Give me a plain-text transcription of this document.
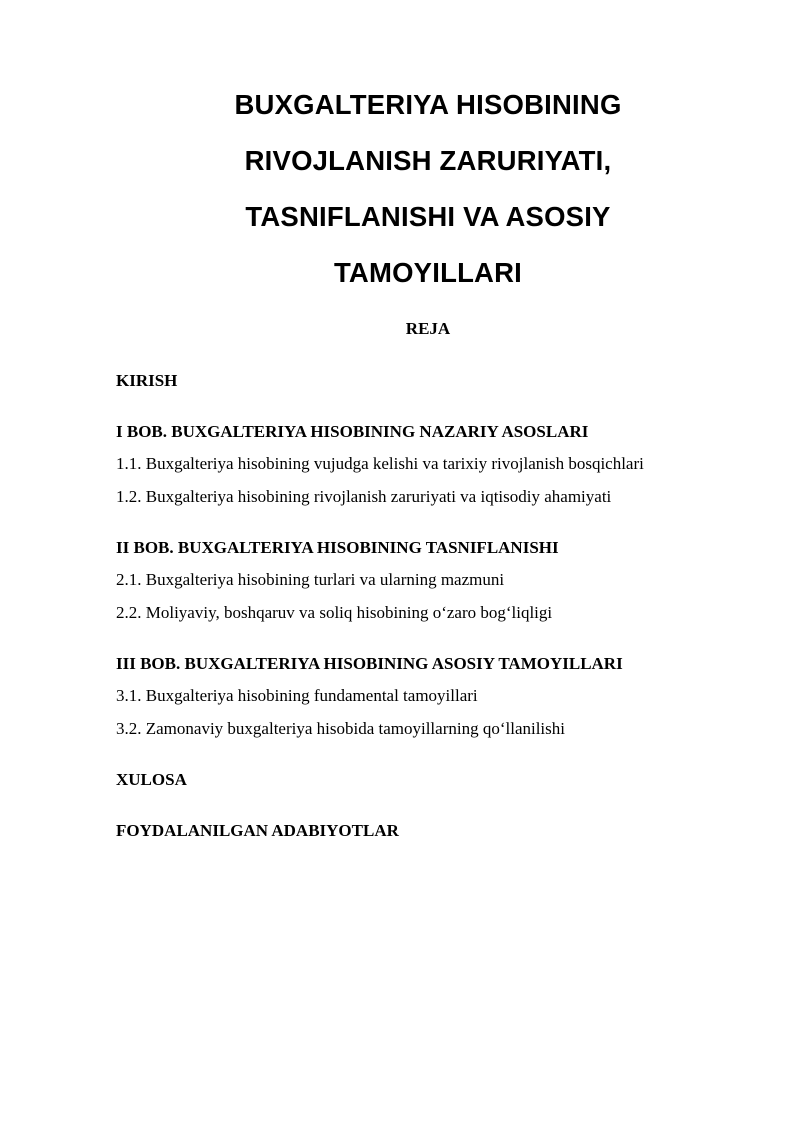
BUXGALTERIYA HISOBINING
RIVOJLANISH ZARURIYATI,
TASNIFLANISHI VA ASOSIY
TAMOYILLARI
REJA
KIRISH
I BOB. BUXGALTERIYA HISOBINING NAZARIY ASOSLARI
1.1. Buxgalteriya hisobining vujudga kelishi va tarixiy rivojlanish bosqichlari
1.2. Buxgalteriya hisobining rivojlanish zaruriyati va iqtisodiy ahamiyati
II BOB. BUXGALTERIYA HISOBINING TASNIFLANISHI
2.1. Buxgalteriya hisobining turlari va ularning mazmuni
2.2. Moliyaviy, boshqaruv va soliq hisobining o‘zaro bog‘liqligi
III BOB. BUXGALTERIYA HISOBINING ASOSIY TAMOYILLARI
3.1. Buxgalteriya hisobining fundamental tamoyillari
3.2. Zamonaviy buxgalteriya hisobida tamoyillarning qo‘llanilishi
XULOSA
FOYDALANILGAN ADABIYOTLAR
